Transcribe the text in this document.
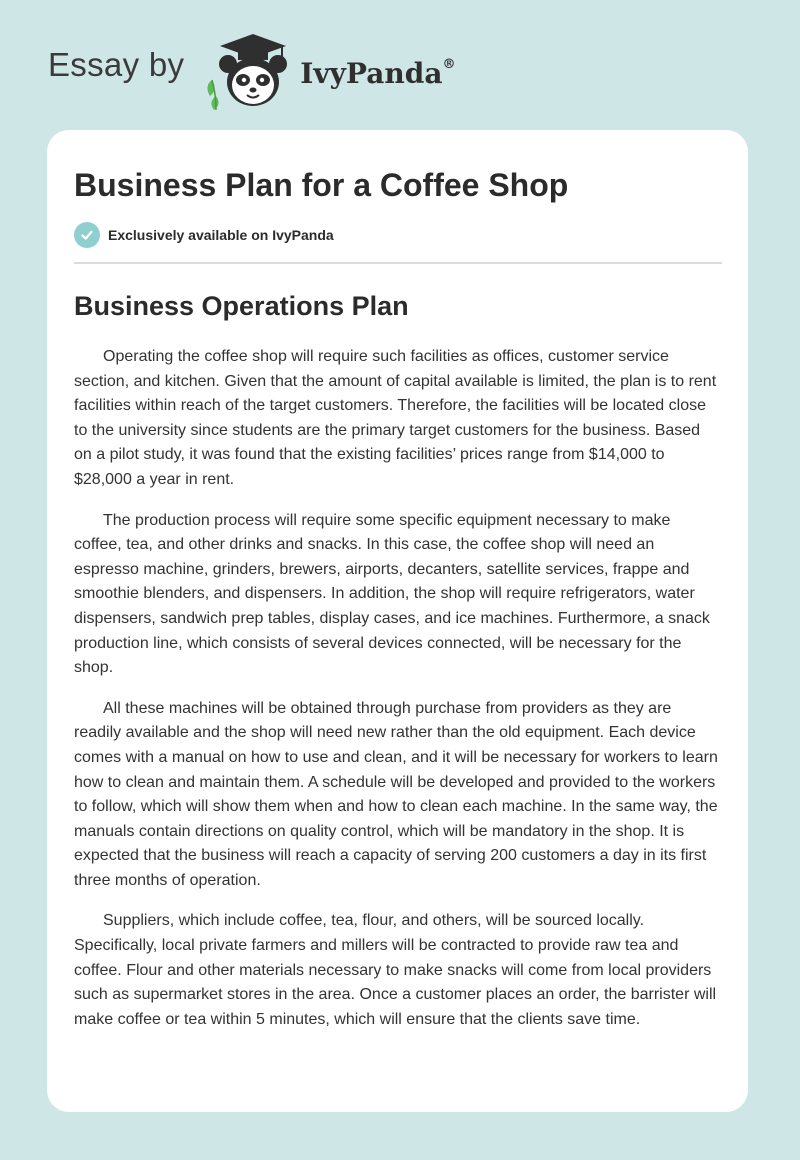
Essay by	IvyPanda®
Business Plan for a Coffee Shop
Exclusively available on IvyPanda
Business Operations Plan

Operating the coffee shop will require such facilities as offices, customer service section, and kitchen. Given that the amount of capital available is limited, the plan is to rent facilities within reach of the target customers. Therefore, the facilities will be located close to the university since students are the primary target customers for the business. Based on a pilot study, it was found that the existing facilities’ prices range from $14,000 to $28,000 a year in rent.

The production process will require some specific equipment necessary to make coffee, tea, and other drinks and snacks. In this case, the coffee shop will need an espresso machine, grinders, brewers, airports, decanters, satellite services, frappe and smoothie blenders, and dispensers. In addition, the shop will require refrigerators, water dispensers, sandwich prep tables, display cases, and ice machines. Furthermore, a snack production line, which consists of several devices connected, will be necessary for the shop.

All these machines will be obtained through purchase from providers as they are readily available and the shop will need new rather than the old equipment. Each device comes with a manual on how to use and clean, and it will be necessary for workers to learn how to clean and maintain them. A schedule will be developed and provided to the workers to follow, which will show them when and how to clean each machine. In the same way, the manuals contain directions on quality control, which will be mandatory in the shop. It is expected that the business will reach a capacity of serving 200 customers a day in its first three months of operation.

Suppliers, which include coffee, tea, flour, and others, will be sourced locally. Specifically, local private farmers and millers will be contracted to provide raw tea and coffee. Flour and other materials necessary to make snacks will come from local providers such as supermarket stores in the area. Once a customer places an order, the barrister will make coffee or tea within 5 minutes, which will ensure that the clients save time.
